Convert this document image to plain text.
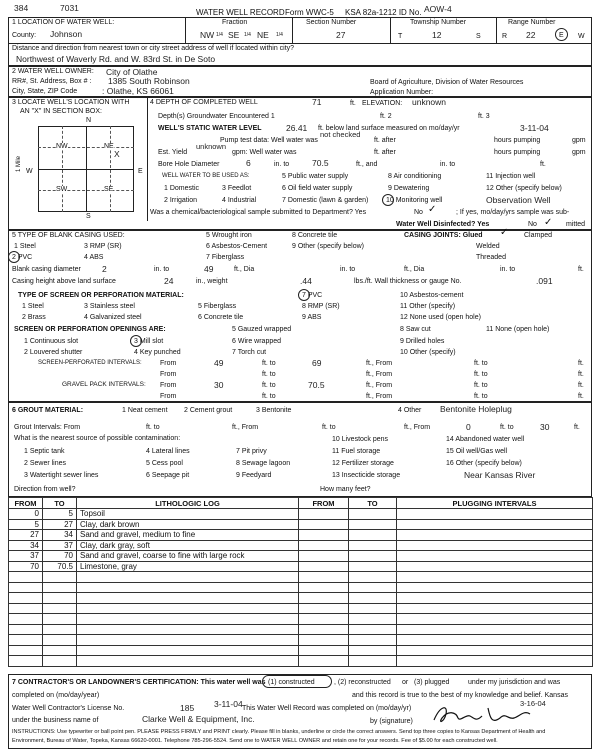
384	7031	WATER WELL RECORD Form WWC-5 KSA 82a-1212 ID No. AOW-4
1 LOCATION OF WATER WELL:
County: Johnson
Fraction
NW 1/4 SE 1/4 NE 1/4
Section Number
27
Township Number
T	12	S
Range Number
R 22	E W
Distance and direction from nearest town or city street address of well if located within city?
Northwest of Waverly Rd. and W. 83rd St. in De Soto
2 WATER WELL OWNER: City of Olathe
RR#, St. Address, Box # : 1385 South Robinson
City, State, ZIP Code	: Olathe, KS 66061
Board of Agriculture, Division of Water Resources
Application Number:
3 LOCATE WELL'S LOCATION WITH
AN "X" IN SECTION BOX:
N
S
W	E
NW	NE
X
SW	SE
1 Mile
4 DEPTH OF COMPLETED WELL	71	ft. ELEVATION: unknown
Depth(s) Groundwater Encountered 1	ft. 2	ft. 3
WELL'S STATIC WATER LEVEL	26.41 ft. below land surface measured on mo/day/yr	3-11-04
Pump test data: Well water was
not checked
ft. after	hours pumping	gpm
Est. Yield
unknown
gpm: Well water was	ft. after	hours pumping	gpm
Bore Hole Diameter	6	in. to	70.5	ft., and	in. to	ft.
WELL WATER TO BE USED AS:
1 Domestic	3 Feedlot
5 Public water supply	8 Air conditioning	11 Injection well
2 Irrigation	4 Industrial
6 Oil field water supply	9 Dewatering	12 Other (specify below)
7 Domestic (lawn & garden)	10 Monitoring well	Observation Well
Was a chemical/bacteriological sample submitted to Department? Yes	No ✓	; If yes, mo/day/yrs sample was sub-
mitted
Water Well Disinfected? Yes	No ✓
5 TYPE OF BLANK CASING USED:
1 Steel	3 RMP (SR)
5 Wrought iron	8 Concrete tile
2 PVC	4 ABS
6 Asbestos-Cement	9 Other (specify below)
7 Fiberglass
CASING JOINTS: Glued ✓ Clamped
Welded
Threaded
Blank casing diameter 2	in. to	49	ft., Dia	in. to	ft., Dia	in. to	ft.
Casing height above land surface	24	in., weight	.44	lbs./ft. Wall thickness or gauge No.	.091
TYPE OF SCREEN OR PERFORATION MATERIAL:
1 Steel	3 Stainless steel	5 Fiberglass
7 PVC	10 Asbestos-cement
2 Brass	4 Galvanized steel	6 Concrete tile
8 RMP (SR)	11 Other (specify)
9 ABS	12 None used (open hole)
SCREEN OR PERFORATION OPENINGS ARE:
1 Continuous slot	3 Mill slot
5 Gauzed wrapped	8 Saw cut	11 None (open hole)
2 Louvered shutter	4 Key punched
6 Wire wrapped	9 Drilled holes
7 Torch cut	10 Other (specify)
SCREEN-PERFORATED INTERVALS:	From	49	ft. to	69	ft., From	ft. to	ft.
From	ft. to	ft., From	ft. to	ft.
GRAVEL PACK INTERVALS: From	30	ft. to	70.5	ft., From	ft. to	ft.
From	ft. to	ft., From	ft. to	ft.
6 GROUT MATERIAL:	1 Neat cement 2 Cement grout	3 Bentonite	4 Other Bentonite Holeplug
Grout Intervals: From	ft. to	ft., From	ft. to	ft., From	0	ft. to	30	ft.
What is the nearest source of possible contamination:	10 Livestock pens	14 Abandoned water well
1 Septic tank	4 Lateral lines	7 Pit privy	11 Fuel storage	15 Oil well/Gas well
2 Sewer lines	5 Cess pool	8 Sewage lagoon	12 Fertilizer storage	16 Other (specify below)
3 Watertight sewer lines	6 Seepage pit	9 Feedyard	13 Insecticide storage	Near Kansas River
Direction from well?	How many feet?
FROM	TO	LITHOLOGIC LOG	FROM	TO	PLUGGING INTERVALS
0	5	Topsoil			
5	27	Clay, dark brown			
27	34	Sand and gravel, medium to fine			
34	37	Clay, dark gray, soft			
37	70	Sand and gravel, coarse to fine with large rock			
70	70.5	Limestone, gray			

7 CONTRACTOR'S OR LANDOWNER'S CERTIFICATION: This water well was (1) constructed	, (2) reconstructed or (3) plugged	under my jurisdiction and was
completed on (mo/day/year)
3-11-04
and this record is true to the best of my knowledge and belief. Kansas
Water Well Contractor's License No.	185	This Water Well Record was completed on (mo/day/yr)
3-16-04
under the business name of	Clarke Well & Equipment, Inc.	by (signature)
INSTRUCTIONS: Use typewriter or ball point pen. PLEASE PRESS FIRMLY and PRINT clearly. Please fill in blanks, underline or circle the correct answers. Send top three copies to Kansas Department of Health and
Environment, Bureau of Water, Topeka, Kansas 66620-0001. Telephone 785-296-5524. Send one to WATER WELL OWNER and retain one for your records. Fee of $5.00 for each constructed well.
